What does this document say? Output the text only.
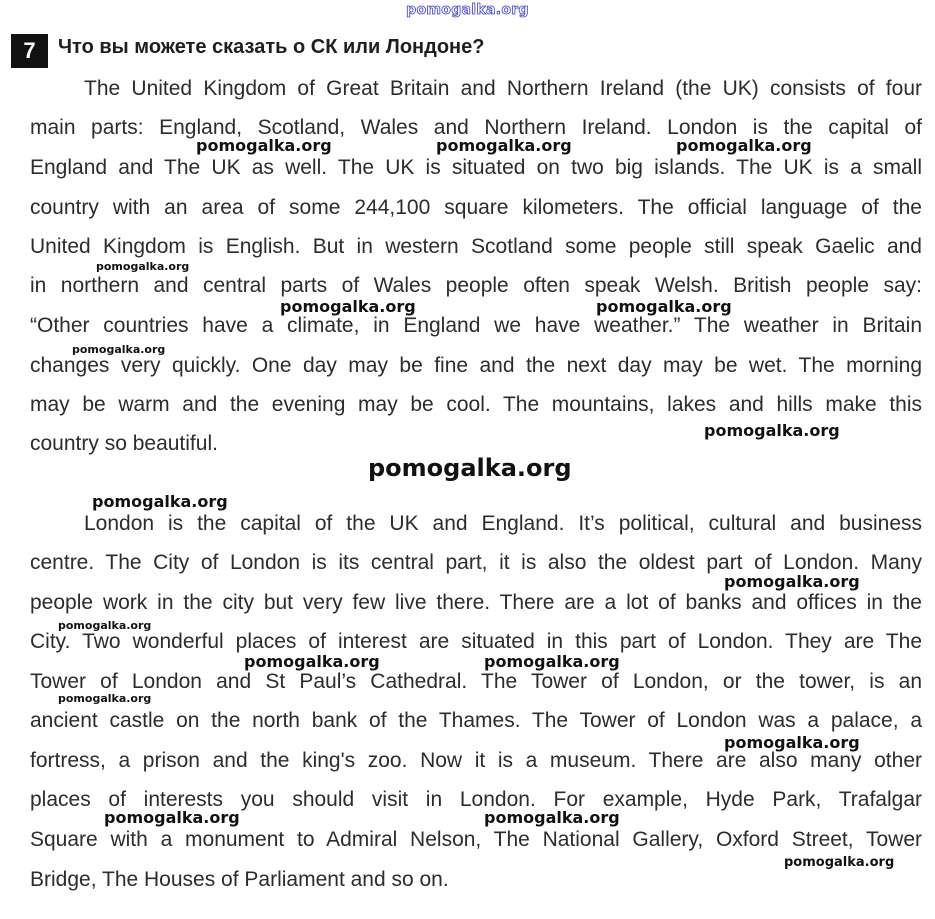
pomogalka.org
7	Что вы можете сказать о СК или Лондоне?
The United Kingdom of Great Britain and Northern Ireland (the UK) consists of four
main parts: England, Scotland, Wales and Northern Ireland. London is the capital of
England and The UK as well. The UK is situated on two big islands. The UK is a small
country with an area of some 244,100 square kilometers. The official language of the
United Kingdom is English. But in western Scotland some people still speak Gaelic and
in northern and central parts of Wales people often speak Welsh. British people say:
“Other countries have a climate, in England we have weather.” The weather in Britain
changes very quickly. One day may be fine and the next day may be wet. The morning
may be warm and the evening may be cool. The mountains, lakes and hills make this
country so beautiful.
London is the capital of the UK and England. It’s political, cultural and business
centre. The City of London is its central part, it is also the oldest part of London. Many
people work in the city but very few live there. There are a lot of banks and offices in the
City. Two wonderful places of interest are situated in this part of London. They are The
Tower of London and St Paul’s Cathedral. The Tower of London, or the tower, is an
ancient castle on the north bank of the Thames. The Tower of London was a palace, a
fortress, a prison and the king's zoo. Now it is a museum. There are also many other
places of interests you should visit in London. For example, Hyde Park, Trafalgar
Square with a monument to Admiral Nelson, The National Gallery, Oxford Street, Tower
Bridge, The Houses of Parliament and so on.
pomogalka.org	pomogalka.org	pomogalka.org
pomogalka.org
pomogalka.org	pomogalka.org
pomogalka.org
pomogalka.org
pomogalka.org
pomogalka.org
pomogalka.org
pomogalka.org
pomogalka.org	pomogalka.org
pomogalka.org
pomogalka.org
pomogalka.org	pomogalka.org
pomogalka.org
